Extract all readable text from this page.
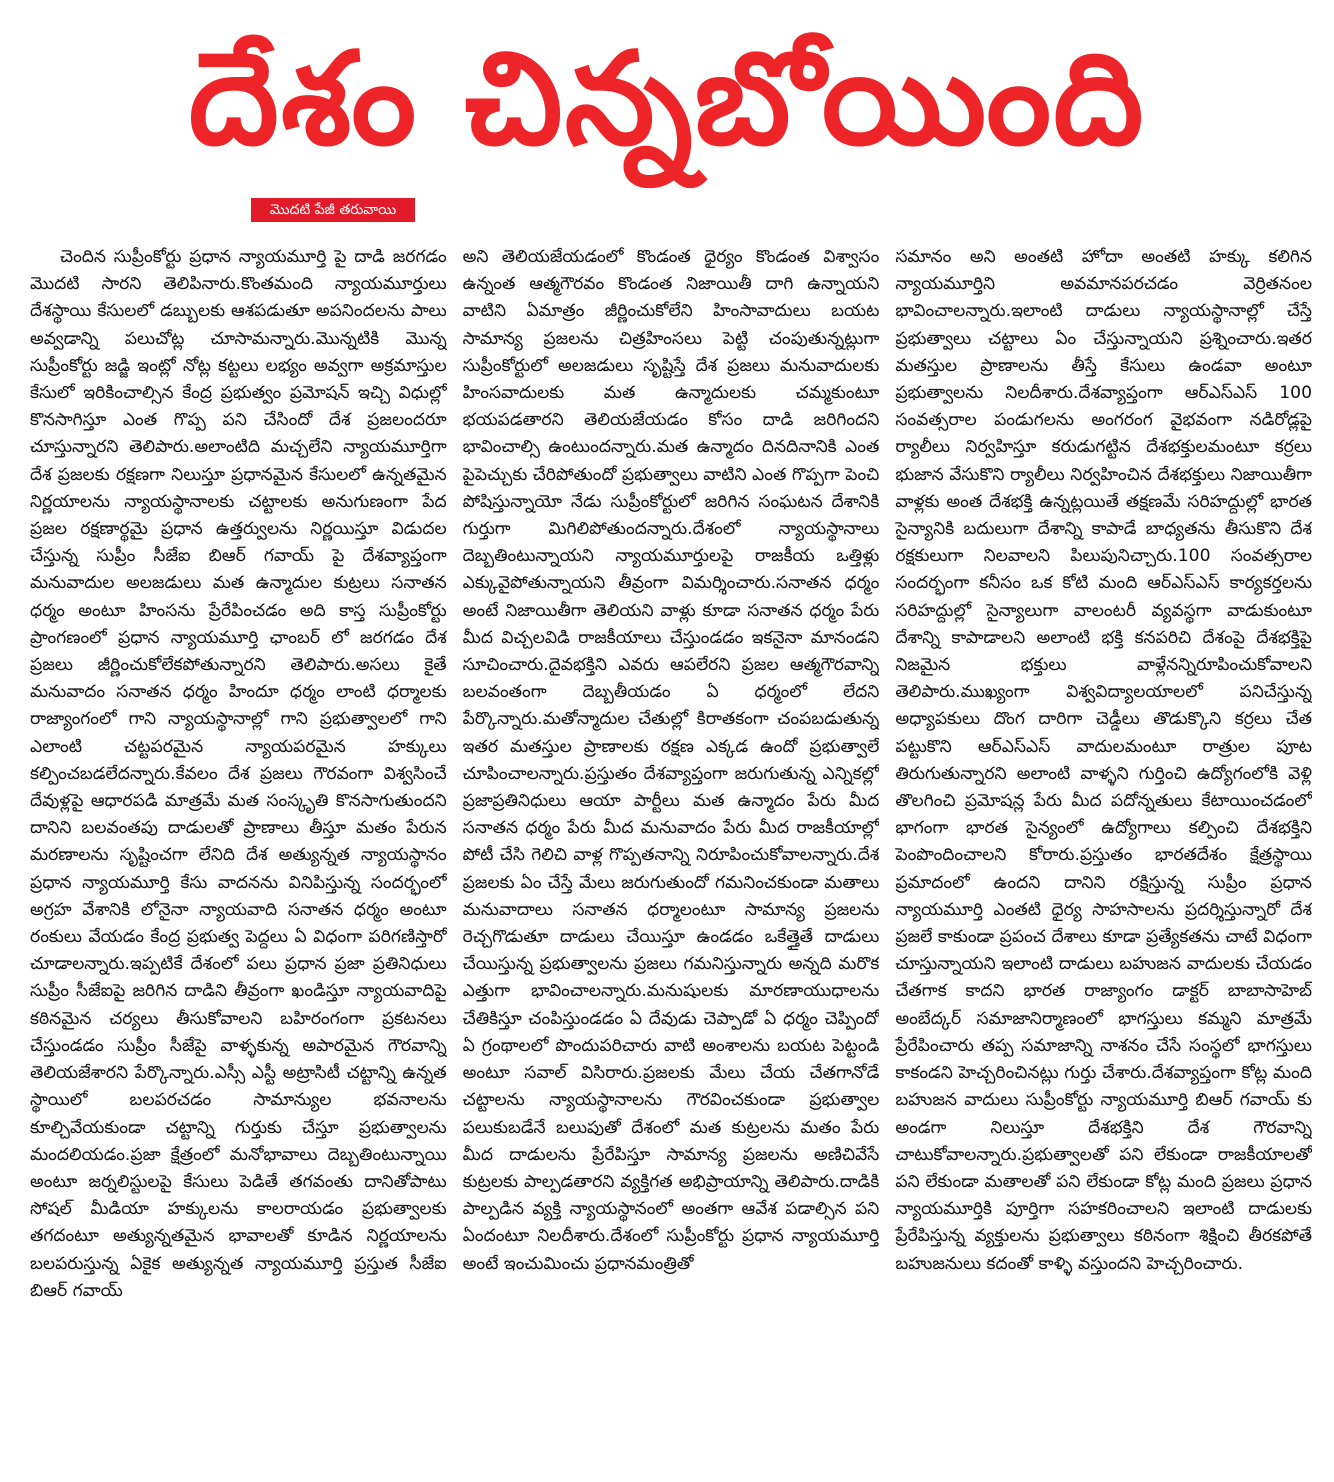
దేశం చిన్నబోయింది
మొదటి పేజీ తరువాయి

చెందిన సుప్రీంకోర్టు ప్రధాన న్యాయమూర్తి పై దాడి జరగడం మొదటి సారని తెలిపినారు.కొంతమంది న్యాయమూర్తులు దేశస్థాయి కేసులలో డబ్బులకు ఆశపడుతూ అపనిందలను పాలు అవ్వడాన్ని పలుచోట్ల చూసామన్నారు.మొన్నటికి మొన్న సుప్రీంకోర్టు జడ్జి ఇంట్లో నోట్ల కట్టలు లభ్యం అవ్వగా అక్రమాస్తుల కేసులో ఇరికించాల్సిన కేంద్ర ప్రభుత్వం ప్రమోషన్ ఇచ్చి విధుల్లో కొనసాగిస్తూ ఎంత గొప్ప పని చేసిందో దేశ ప్రజలందరూ చూస్తున్నారని తెలిపారు.అలాంటిది మచ్చలేని న్యాయమూర్తిగా దేశ ప్రజలకు రక్షణగా నిలుస్తూ ప్రధానమైన కేసులలో ఉన్నతమైన నిర్ణయాలను న్యాయస్థానాలకు చట్టాలకు అనుగుణంగా పేద ప్రజల రక్షణార్థమై ప్రధాన ఉత్తర్వులను నిర్ణయిస్తూ విడుదల చేస్తున్న సుప్రీం సీజేఐ బిఆర్ గవాయ్ పై దేశవ్యాప్తంగా మనువాదుల అలజడులు మత ఉన్మాదుల కుట్రలు సనాతన ధర్మం అంటూ హింసను ప్రేరేపించడం అది కాస్త సుప్రీంకోర్టు ప్రాంగణంలో ప్రధాన న్యాయమూర్తి ఛాంబర్ లో జరగడం దేశ ప్రజలు జీర్ణించుకోలేకపోతున్నారని తెలిపారు.అసలు కైతే మనువాదం సనాతన ధర్మం హిందూ ధర్మం లాంటి ధర్మాలకు రాజ్యాంగంలో గాని న్యాయస్థానాల్లో గాని ప్రభుత్వాలలో గాని ఎలాంటి చట్టపరమైన న్యాయపరమైన హక్కులు కల్పించబడలేదన్నారు.కేవలం దేశ ప్రజలు గౌరవంగా విశ్వసించే దేవుళ్లపై ఆధారపడి మాత్రమే మత సంస్కృతి కొనసాగుతుందని దానిని బలవంతపు దాడులతో ప్రాణాలు తీస్తూ మతం పేరున మరణాలను సృష్టించగా లేనిది దేశ అత్యున్నత న్యాయస్థానం ప్రధాన న్యాయమూర్తి కేసు వాదనను వినిపిస్తున్న సందర్భంలో అగ్రహ వేశానికి లోనైనా న్యాయవాది సనాతన ధర్మం అంటూ రంకులు వేయడం కేంద్ర ప్రభుత్వ పెద్దలు ఏ విధంగా పరిగణిస్తారో చూడాలన్నారు.ఇప్పటికే దేశంలో పలు ప్రధాన ప్రజా ప్రతినిధులు సుప్రీం సీజేఐపై జరిగిన దాడిని తీవ్రంగా ఖండిస్తూ న్యాయవాదిపై కఠినమైన చర్యలు తీసుకోవాలని బహిరంగంగా ప్రకటనలు చేస్తుండడం సుప్రీం సీజేపై వాళ్ళకున్న అపారమైన గౌరవాన్ని తెలియజేశారని పేర్కొన్నారు.ఎస్సీ ఎస్టీ అట్రాసిటీ చట్టాన్ని ఉన్నత స్థాయిలో బలపరచడం సామాన్యుల భవనాలను కూల్చివేయకుండా చట్టాన్ని గుర్తుకు చేస్తూ ప్రభుత్వాలను మందలియడం.ప్రజా క్షేత్రంలో మనోభావాలు దెబ్బతింటున్నాయి అంటూ జర్నలిస్టులపై కేసులు పెడితే తగవంతు దానితోపాటు సోషల్ మీడియా హక్కులను కాలరాయడం ప్రభుత్వాలకు తగదంటూ అత్యున్నతమైన భావాలతో కూడిన నిర్ణయాలను బలపరుస్తున్న ఏకైక అత్యున్నత న్యాయమూర్తి ప్రస్తుత సీజేఐ బిఆర్ గవాయ్

అని తెలియజేయడంలో కొండంత ధైర్యం కొండంత విశ్వాసం ఉన్నంత ఆత్మగౌరవం కొండంత నిజాయితీ దాగి ఉన్నాయని వాటిని ఏమాత్రం జీర్ణించుకోలేని హింసావాదులు బయట సామాన్య ప్రజలను చిత్రహింసలు పెట్టి చంపుతున్నట్లుగా సుప్రీంకోర్టులో అలజడులు సృష్టిస్తే దేశ ప్రజలు మనువాదులకు హింసవాదులకు మత ఉన్మాదులకు చమ్మకుంటూ భయపడతారని తెలియజేయడం కోసం దాడి జరిగిందని భావించాల్సి ఉంటుందన్నారు.మత ఉన్మాదం దినదినానికి ఎంత పైపెచ్చుకు చేరిపోతుందో ప్రభుత్వాలు వాటిని ఎంత గొప్పగా పెంచి పోషిస్తున్నాయో నేడు సుప్రీంకోర్టులో జరిగిన సంఘటన దేశానికి గుర్తుగా మిగిలిపోతుందన్నారు.దేశంలో న్యాయస్థానాలు దెబ్బతింటున్నాయని న్యాయమూర్తులపై రాజకీయ ఒత్తిళ్లు ఎక్కువైపోతున్నాయని తీవ్రంగా విమర్శించారు.సనాతన ధర్మం అంటే నిజాయితీగా తెలియని వాళ్లు కూడా సనాతన ధర్మం పేరు మీద విచ్చలవిడి రాజకీయాలు చేస్తుండడం ఇకనైనా మానండని సూచించారు.దైవభక్తిని ఎవరు ఆపలేరని ప్రజల ఆత్మగౌరవాన్ని బలవంతంగా దెబ్బతీయడం ఏ ధర్మంలో లేదని పేర్కొన్నారు.మతోన్మాదుల చేతుల్లో కిరాతకంగా చంపబడుతున్న ఇతర మతస్తుల ప్రాణాలకు రక్షణ ఎక్కడ ఉందో ప్రభుత్వాలే చూపించాలన్నారు.ప్రస్తుతం దేశవ్యాప్తంగా జరుగుతున్న ఎన్నికల్లో ప్రజాప్రతినిధులు ఆయా పార్టీలు మత ఉన్మాదం పేరు మీద సనాతన ధర్మం పేరు మీద మనువాదం పేరు మీద రాజకీయాల్లో పోటీ చేసి గెలిచి వాళ్ల గొప్పతనాన్ని నిరూపించుకోవాలన్నారు.దేశ ప్రజలకు ఏం చేస్తే మేలు జరుగుతుందో గమనించకుండా మతాలు మనువాదాలు సనాతన ధర్మాలంటూ సామాన్య ప్రజలను రెచ్చగొడుతూ దాడులు చేయిస్తూ ఉండడం ఒకేత్తైతే దాడులు చేయిస్తున్న ప్రభుత్వాలను ప్రజలు గమనిస్తున్నారు అన్నది మరొక ఎత్తుగా భావించాలన్నారు.మనుషులకు మారణాయుధాలను చేతికిస్తూ చంపిస్తుండడం ఏ దేవుడు చెప్పాడో ఏ ధర్మం చెప్పిందో ఏ గ్రంథాలలో పొందుపరిచారు వాటి అంశాలను బయట పెట్టండి అంటూ సవాల్ విసిరారు.ప్రజలకు మేలు చేయ చేతగానోడే చట్టాలను న్యాయస్థానాలను గౌరవించకుండా ప్రభుత్వాల పలుకుబడేనే బలుపుతో దేశంలో మత కుట్రలను మతం పేరు మీద దాడులను ప్రేరేపిస్తూ సామాన్య ప్రజలను అణిచివేసే కుట్రలకు పాల్పడతారని వ్యక్తిగత అభిప్రాయాన్ని తెలిపారు.దాడికి పాల్పడిన వ్యక్తి న్యాయస్థానంలో అంతగా ఆవేశ పడాల్సిన పని ఏందంటూ నిలదీశారు.దేశంలో సుప్రీంకోర్టు ప్రధాన న్యాయమూర్తి అంటే ఇంచుమించు ప్రధానమంత్రితో

సమానం అని అంతటి హోదా అంతటి హక్కు కలిగిన న్యాయమూర్తిని అవమానపరచడం వెర్రితనంల భావించాలన్నారు.ఇలాంటి దాడులు న్యాయస్థానాల్లో చేస్తే ప్రభుత్వాలు చట్టాలు ఏం చేస్తున్నాయని ప్రశ్నించారు.ఇతర మతస్తుల ప్రాణాలను తీస్తే కేసులు ఉండవా అంటూ ప్రభుత్వాలను నిలదీశారు.దేశవ్యాప్తంగా ఆర్ఎస్ఎస్ 100 సంవత్సరాల పండుగలను అంగరంగ వైభవంగా నడిరోడ్లపై ర్యాలీలు నిర్వహిస్తూ కరుడుగట్టిన దేశభక్తులమంటూ కర్రలు భుజాన వేసుకొని ర్యాలీలు నిర్వహించిన దేశభక్తులు నిజాయితీగా వాళ్లకు అంత దేశభక్తి ఉన్నట్లయితే తక్షణమే సరిహద్దుల్లో భారత సైన్యానికి బదులుగా దేశాన్ని కాపాడే బాధ్యతను తీసుకొని దేశ రక్షకులుగా నిలవాలని పిలుపునిచ్చారు.100 సంవత్సరాల సందర్భంగా కనీసం ఒక కోటి మంది ఆర్ఎస్ఎస్ కార్యకర్తలను సరిహద్దుల్లో సైన్యాలుగా వాలంటరీ వ్యవస్థగా వాడుకుంటూ దేశాన్ని కాపాడాలని అలాంటి భక్తి కనపరిచి దేశంపై దేశభక్తిపై నిజమైన భక్తులు వాళ్లేనన్నిరూపించుకోవాలని తెలిపారు.ముఖ్యంగా విశ్వవిద్యాలయాలలో పనిచేస్తున్న అధ్యాపకులు దొంగ దారిగా చెడ్డీలు తొడుక్కొని కర్రలు చేత పట్టుకొని ఆర్ఎస్ఎస్ వాదులమంటూ రాత్రుల పూట తిరుగుతున్నారని అలాంటి వాళ్ళని గుర్తించి ఉద్యోగంలోకి వెళ్లి తొలగించి ప్రమోషన్ల పేరు మీద పదోన్నతులు కేటాయించడంలో భాగంగా భారత సైన్యంలో ఉద్యోగాలు కల్పించి దేశభక్తిని పెంపొందించాలని కోరారు.ప్రస్తుతం భారతదేశం క్షేత్రస్థాయి ప్రమాదంలో ఉందని దానిని రక్షిస్తున్న సుప్రీం ప్రధాన న్యాయమూర్తి ఎంతటి ధైర్య సాహసాలను ప్రదర్శిస్తున్నారో దేశ ప్రజలే కాకుండా ప్రపంచ దేశాలు కూడా ప్రత్యేకతను చాటే విధంగా చూస్తున్నాయని ఇలాంటి దాడులు బహుజన వాదులకు చేయడం చేతగాక కాదని భారత రాజ్యాంగం డాక్టర్ బాబాసాహెబ్ అంబేద్కర్ సమాజానిర్మాణంలో భాగస్తులు కమ్మని మాత్రమే ప్రేరేపించారు తప్ప సమాజాన్ని నాశనం చేసే సంస్థలో భాగస్తులు కాకండని హెచ్చరించినట్లు గుర్తు చేశారు.దేశవ్యాప్తంగా కోట్ల మంది బహుజన వాదులు సుప్రీంకోర్టు న్యాయమూర్తి బిఆర్ గవాయ్ కు అండగా నిలుస్తూ దేశభక్తిని దేశ గౌరవాన్ని చాటుకోవాలన్నారు.ప్రభుత్వాలతో పని లేకుండా రాజకీయాలతో పని లేకుండా మతాలతో పని లేకుండా కోట్ల మంది ప్రజలు ప్రధాన న్యాయమూర్తికి పూర్తిగా సహకరించాలని ఇలాంటి దాడులకు ప్రేరేపిస్తున్న వ్యక్తులను ప్రభుత్వాలు కఠినంగా శిక్షించి తీరకపోతే బహుజనులు కదంతో కాళ్ళి వస్తుందని హెచ్చరించారు.
